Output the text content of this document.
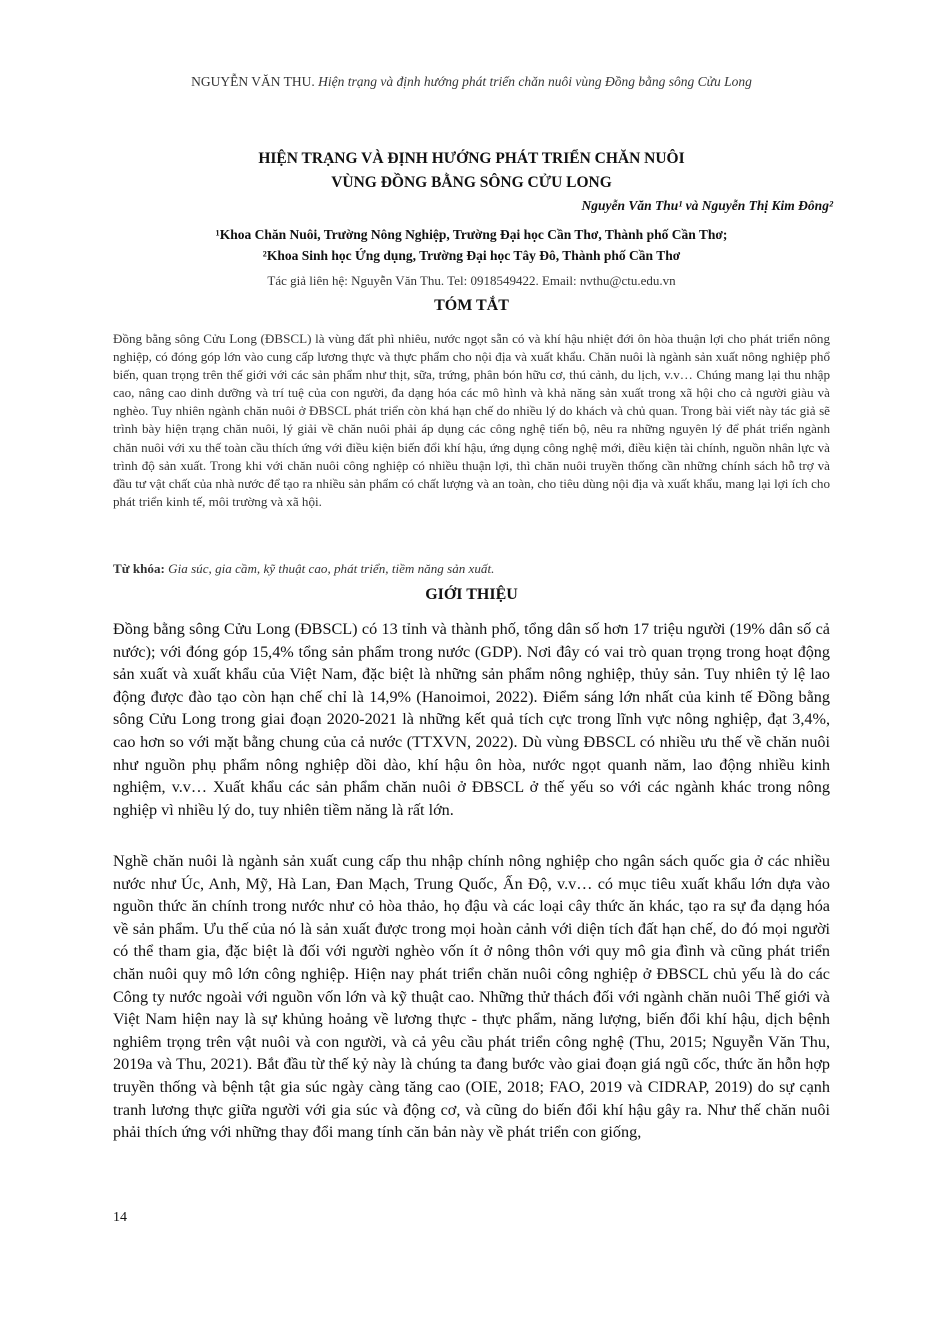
NGUYỄN VĂN THU. Hiện trạng và định hướng phát triển chăn nuôi vùng Đồng bằng sông Cửu Long
HIỆN TRẠNG VÀ ĐỊNH HƯỚNG PHÁT TRIỂN CHĂN NUÔI
VÙNG ĐỒNG BẰNG SÔNG CỬU LONG
Nguyễn Văn Thu¹ và Nguyễn Thị Kim Đông²
¹Khoa Chăn Nuôi, Trường Nông Nghiệp, Trường Đại học Cần Thơ, Thành phố Cần Thơ;
²Khoa Sinh học Ứng dụng, Trường Đại học Tây Đô, Thành phố Cần Thơ
Tác giả liên hệ: Nguyễn Văn Thu. Tel: 0918549422. Email: nvthu@ctu.edu.vn
TÓM TẮT

Đồng bằng sông Cửu Long (ĐBSCL) là vùng đất phì nhiêu, nước ngọt sẵn có và khí hậu nhiệt đới ôn hòa thuận lợi cho phát triển nông nghiệp, có đóng góp lớn vào cung cấp lương thực và thực phẩm cho nội địa và xuất khẩu. Chăn nuôi là ngành sản xuất nông nghiệp phổ biến, quan trọng trên thế giới với các sản phẩm như thịt, sữa, trứng, phân bón hữu cơ, thú cảnh, du lịch, v.v… Chúng mang lại thu nhập cao, nâng cao dinh dưỡng và trí tuệ của con người, đa dạng hóa các mô hình và khả năng sản xuất trong xã hội cho cả người giàu và nghèo. Tuy nhiên ngành chăn nuôi ở ĐBSCL phát triển còn khá hạn chế do nhiều lý do khách và chủ quan. Trong bài viết này tác giả sẽ trình bày hiện trạng chăn nuôi, lý giải về chăn nuôi phải áp dụng các công nghệ tiến bộ, nêu ra những nguyên lý để phát triển ngành chăn nuôi với xu thế toàn cầu thích ứng với điều kiện biến đổi khí hậu, ứng dụng công nghệ mới, điều kiện tài chính, nguồn nhân lực và trình độ sản xuất. Trong khi với chăn nuôi công nghiệp có nhiều thuận lợi, thì chăn nuôi truyền thống cần những chính sách hỗ trợ và đầu tư vật chất của nhà nước để tạo ra nhiều sản phẩm có chất lượng và an toàn, cho tiêu dùng nội địa và xuất khẩu, mang lại lợi ích cho phát triển kinh tế, môi trường và xã hội.

Từ khóa: Gia súc, gia cầm, kỹ thuật cao, phát triển, tiềm năng sản xuất.
GIỚI THIỆU

Đồng bằng sông Cửu Long (ĐBSCL) có 13 tỉnh và thành phố, tổng dân số hơn 17 triệu người (19% dân số cả nước); với đóng góp 15,4% tổng sản phẩm trong nước (GDP). Nơi đây có vai trò quan trọng trong hoạt động sản xuất và xuất khẩu của Việt Nam, đặc biệt là những sản phẩm nông nghiệp, thủy sản. Tuy nhiên tỷ lệ lao động được đào tạo còn hạn chế chỉ là 14,9% (Hanoimoi, 2022). Điểm sáng lớn nhất của kinh tế Đồng bằng sông Cửu Long trong giai đoạn 2020-2021 là những kết quả tích cực trong lĩnh vực nông nghiệp, đạt 3,4%, cao hơn so với mặt bằng chung của cả nước (TTXVN, 2022). Dù vùng ĐBSCL có nhiều ưu thế về chăn nuôi như nguồn phụ phẩm nông nghiệp dồi dào, khí hậu ôn hòa, nước ngọt quanh năm, lao động nhiều kinh nghiệm, v.v… Xuất khẩu các sản phẩm chăn nuôi ở ĐBSCL ở thế yếu so với các ngành khác trong nông nghiệp vì nhiều lý do, tuy nhiên tiềm năng là rất lớn.

Nghề chăn nuôi là ngành sản xuất cung cấp thu nhập chính nông nghiệp cho ngân sách quốc gia ở các nhiều nước như Úc, Anh, Mỹ, Hà Lan, Đan Mạch, Trung Quốc, Ấn Độ, v.v… có mục tiêu xuất khẩu lớn dựa vào nguồn thức ăn chính trong nước như cỏ hòa thảo, họ đậu và các loại cây thức ăn khác, tạo ra sự đa dạng hóa về sản phẩm. Ưu thế của nó là sản xuất được trong mọi hoàn cảnh với diện tích đất hạn chế, do đó mọi người có thể tham gia, đặc biệt là đối với người nghèo vốn ít ở nông thôn với quy mô gia đình và cũng phát triển chăn nuôi quy mô lớn công nghiệp. Hiện nay phát triển chăn nuôi công nghiệp ở ĐBSCL chủ yếu là do các Công ty nước ngoài với nguồn vốn lớn và kỹ thuật cao. Những thử thách đối với ngành chăn nuôi Thế giới và Việt Nam hiện nay là sự khủng hoảng về lương thực - thực phẩm, năng lượng, biến đổi khí hậu, dịch bệnh nghiêm trọng trên vật nuôi và con người, và cả yêu cầu phát triển công nghệ (Thu, 2015; Nguyễn Văn Thu, 2019a và Thu, 2021). Bắt đầu từ thế kỷ này là chúng ta đang bước vào giai đoạn giá ngũ cốc, thức ăn hỗn hợp truyền thống và bệnh tật gia súc ngày càng tăng cao (OIE, 2018; FAO, 2019 và CIDRAP, 2019) do sự cạnh tranh lương thực giữa người với gia súc và động cơ, và cũng do biến đổi khí hậu gây ra. Như thế chăn nuôi phải thích ứng với những thay đổi mang tính căn bản này về phát triển con giống,

14
